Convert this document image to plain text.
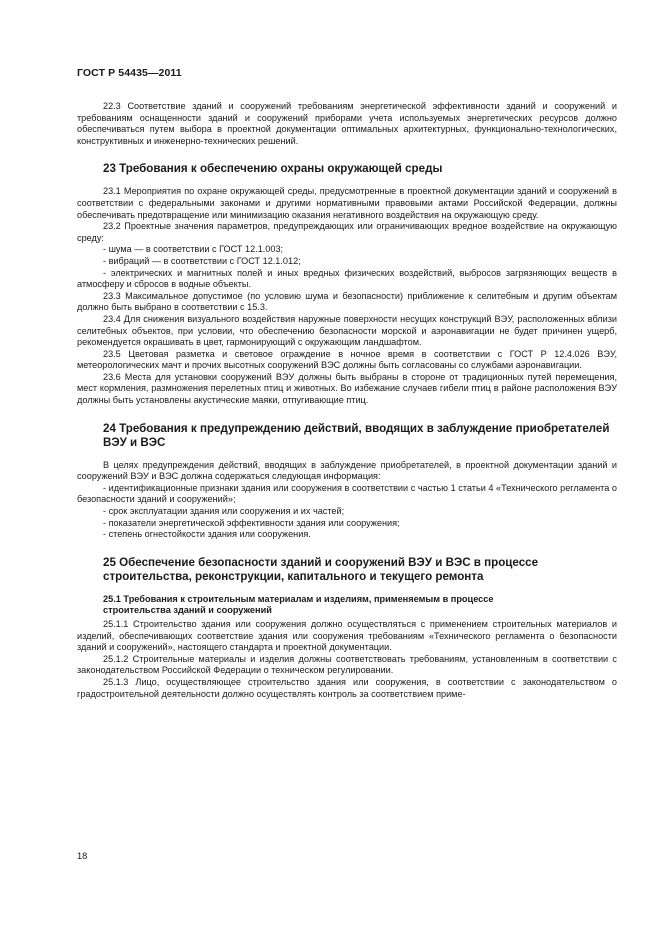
ГОСТ Р 54435—2011

22.3 Соответствие зданий и сооружений требованиям энергетической эффективности зданий и сооружений и требованиям оснащенности зданий и сооружений приборами учета используемых энергетических ресурсов должно обеспечиваться путем выбора в проектной документации оптимальных архитектурных, функционально-технологических, конструктивных и инженерно-технических решений.

23 Требования к обеспечению охраны окружающей среды

23.1 Мероприятия по охране окружающей среды, предусмотренные в проектной документации зданий и сооружений в соответствии с федеральными законами и другими нормативными правовыми актами Российской Федерации, должны обеспечивать предотвращение или минимизацию оказания негативного воздействия на окружающую среду.

23.2 Проектные значения параметров, предупреждающих или ограничивающих вредное воздействие на окружающую среду:

- шума — в соответствии с ГОСТ 12.1.003;

- вибраций — в соответствии с ГОСТ 12.1.012;

- электрических и магнитных полей и иных вредных физических воздействий, выбросов загрязняющих веществ в атмосферу и сбросов в водные объекты.

23.3 Максимальное допустимое (по условию шума и безопасности) приближение к селитебным и другим объектам должно быть выбрано в соответствии с 15.3.

23.4 Для снижения визуального воздействия наружные поверхности несущих конструкций ВЭУ, расположенных вблизи селитебных объектов, при условии, что обеспечению безопасности морской и аэронавигации не будет причинен ущерб, рекомендуется окрашивать в цвет, гармонирующий с окружающим ландшафтом.

23.5 Цветовая разметка и световое ограждение в ночное время в соответствии с ГОСТ Р 12.4.026 ВЭУ, метеорологических мачт и прочих высотных сооружений ВЭС должны быть согласованы со службами аэронавигации.

23.6 Места для установки сооружений ВЭУ должны быть выбраны в стороне от традиционных путей перемещения, мест кормления, размножения перелетных птиц и животных. Во избежание случаев гибели птиц в районе расположения ВЭУ должны быть установлены акустические маяки, отпугивающие птиц.

24 Требования к предупреждению действий, вводящих в заблуждение приобретателей ВЭУ и ВЭС

В целях предупреждения действий, вводящих в заблуждение приобретателей, в проектной документации зданий и сооружений ВЭУ и ВЭС должна содержаться следующая информация:

- идентификационные признаки здания или сооружения в соответствии с частью 1 статьи 4 «Технического регламента о безопасности зданий и сооружений»;

- срок эксплуатации здания или сооружения и их частей;

- показатели энергетической эффективности здания или сооружения;

- степень огнестойкости здания или сооружения.

25 Обеспечение безопасности зданий и сооружений ВЭУ и ВЭС в процессе строительства, реконструкции, капитального и текущего ремонта
25.1 Требования к строительным материалам и изделиям, применяемым в процессе строительства зданий и сооружений

25.1.1 Строительство здания или сооружения должно осуществляться с применением строительных материалов и изделий, обеспечивающих соответствие здания или сооружения требованиям «Технического регламента о безопасности зданий и сооружений», настоящего стандарта и проектной документации.

25.1.2 Строительные материалы и изделия должны соответствовать требованиям, установленным в соответствии с законодательством Российской Федерации о техническом регулировании.

25.1.3 Лицо, осуществляющее строительство здания или сооружения, в соответствии с законодательством о градостроительной деятельности должно осуществлять контроль за соответствием приме-

18
